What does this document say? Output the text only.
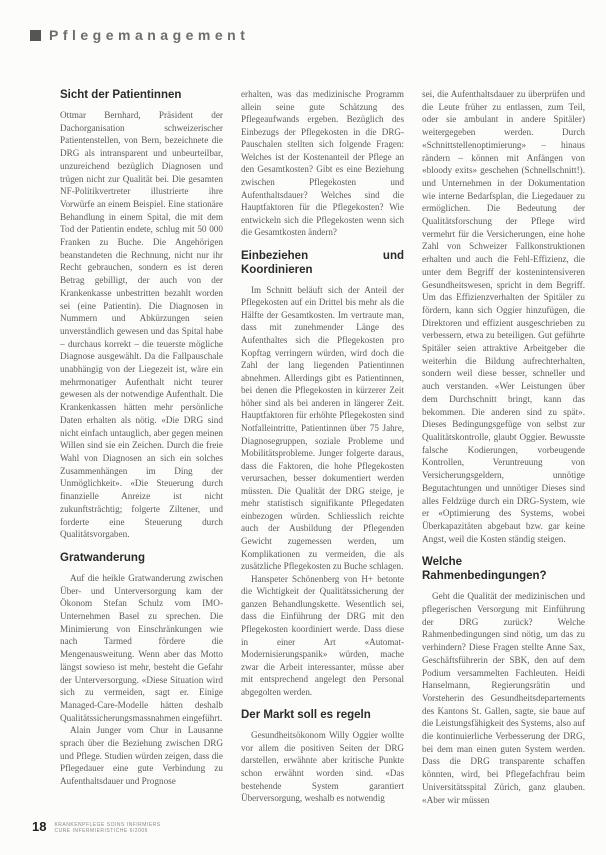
Pflegemanagement
Sicht der Patientinnen

Ottmar Bernhard, Präsident der Dachorganisation schweizerischer Patientenstellen, von Bern, bezeichnete die DRG als intransparent und unbeurteilbar, unzureichend bezüglich Diagnosen und trügen nicht zur Qualität bei. Die gesamten NF-Politikvertreter illustrierte ihre Vorwürfe an einem Beispiel. Eine stationäre Behandlung in einem Spital, die mit dem Tod der Patientin endete, schlug mit 50 000 Franken zu Buche. Die Angehörigen beanstandeten die Rechnung, nicht nur ihr Recht gebrauchen, sondern es ist deren Betrag gebilligt, der auch von der Krankenkasse unbestritten bezahlt worden sei (eine Patientin). Die Diagnosen in Nummern und Abkürzungen seien unverständlich gewesen und das Spital habe – durchaus korrekt – die teuerste mögliche Diagnose ausgewählt. Da die Fallpauschale unabhängig von der Liegezeit ist, wäre ein mehrmonatiger Aufenthalt nicht teurer gewesen als der notwendige Aufenthalt. Die Krankenkassen hätten mehr persönliche Daten erhalten als nötig. «Die DRG sind nicht einfach untauglich, aber gegen meinen Willen sind sie ein Zeichen. Durch die freie Wahl von Diagnosen an sich ein solches Zusammenhängen im Ding der Unmöglichkeit». «Die Steuerung durch finanzielle Anreize ist nicht zukunftsträchtig; folgerte Ziltener, und forderte eine Steuerung durch Qualitätsvorgaben.

Gratwanderung

Auf die heikle Gratwanderung zwischen Über- und Unterversorgung kam der Ökonom Stefan Schulz vom IMO-Unternehmen Basel zu sprechen. Die Minimierung von Einschränkungen wie nach Tarmed fördere die Mengenausweitung. Wenn aber das Motto längst sowieso ist mehr, besteht die Gefahr der Unterversorgung. «Diese Situation wird sich zu vermeiden, sagt er. Einige Managed-Care-Modelle hätten deshalb Qualitätssicherungsmassnahmen eingeführt.

Alain Junger vom Chur in Lausanne sprach über die Beziehung zwischen DRG und Pflege. Studien würden zeigen, dass die Pflegedauer eine gute Verbindung zu Aufenthaltsdauer und Prognose

erhalten, was das medizinische Programm allein seine gute Schätzung des Pflegeaufwands ergeben. Bezüglich des Einbezugs der Pflegekosten in die DRG-Pauschalen stellten sich folgende Fragen: Welches ist der Kostenanteil der Pflege an den Gesamtkosten? Gibt es eine Beziehung zwischen Pflegekosten und Aufenthaltsdauer? Welches sind die Hauptfaktoren für die Pflegekosten? Wie entwickeln sich die Pflegekosten wenn sich die Gesamtkosten ändern?

Einbeziehen und Koordinieren

Im Schnitt beläuft sich der Anteil der Pflegekosten auf ein Drittel bis mehr als die Hälfte der Gesamtkosten. Im vertraute man, dass mit zunehmender Länge des Aufenthaltes sich die Pflegekosten pro Kopftag verringern würden, wird doch die Zahl der lang liegenden Patientinnen abnehmen. Allerdings gibt es Patientinnen, bei denen die Pflegekosten in kürzerer Zeit höher sind als bei anderen in längerer Zeit. Hauptfaktoren für erhöhte Pflegekosten sind Notfalleintritte, Patientinnen über 75 Jahre, Diagnosegruppen, soziale Probleme und Mobilitätsprobleme. Junger folgerte daraus, dass die Faktoren, die hohe Pflegekosten verursachen, besser dokumentiert werden müssten. Die Qualität der DRG steige, je mehr statistisch signifikante Pflegedaten einbezogen würden. Schliesslich reichte auch der Ausbildung der Pflegenden Gewicht zugemessen werden, um Komplikationen zu vermeiden, die als zusätzliche Pflegekosten zu Buche schlagen.

Hanspeter Schönenberg von H+ betonte die Wichtigkeit der Qualitätssicherung der ganzen Behandlungskette. Wesentlich sei, dass die Einführung der DRG mit den Pflegekosten koordiniert werde. Dass diese in einer Art «Automat-Modernisierungspanik» würden, mache zwar die Arbeit interessanter, müsse aber mit entsprechend angelegt den Personal abgegolten werden.

Der Markt soll es regeln

Gesundheitsökonom Willy Oggier wollte vor allem die positiven Seiten der DRG darstellen, erwähnte aber kritische Punkte schon erwähnt worden sind. «Das bestehende System garantiert Überversorgung, weshalb es notwendig

sei, die Aufenthaltsdauer zu überprüfen und die Leute früher zu entlassen, zum Teil, oder sie ambulant in andere Spitäler) weitergegeben werden. Durch «Schnittstellenoptimierung» – hinaus rändern – können mit Anfängen von «bloody exits» geschehen (Schnellschnitt!). und Unternehmen in der Dokumentation wie interne Bedarfsplan, die Liegedauer zu ermöglichen. Die Bedeutung der Qualitätsforschung der Pflege wird vermehrt für die Versicherungen, eine hohe Zahl von Schweizer Fallkonstruktionen erhalten und auch die Fehl-Effizienz, die unter dem Begriff der kostenintensiveren Gesundheitswesen, spricht in dem Begriff. Um das Effizienzverhalten der Spitäler zu fördern, kann sich Oggier hinzufügen, die Direktoren und effizient ausgeschrieben zu verbessern, etwa zu beteiligen. Gut geführte Spitäler seien attraktive Arbeitgeber die weiterhin die Bildung aufrechterhalten, sondern weil diese besser, schneller und auch verstanden. «Wer Leistungen über dem Durchschnitt bringt, kann das bekommen. Die anderen sind zu spät». Dieses Bedingungsgefüge von selbst zur Qualitätskontrolle, glaubt Oggier. Bewusste falsche Kodierungen, vorbeugende Kontrollen, Veruntreuung von Versicherungsgeldern, unnötige Begutachtungen und unnötiger Dieses sind alles Feldzüge durch ein DRG-System, wie er «Optimierung des Systems, wobei Überkapazitäten abgebaut bzw. gar keine Angst, weil die Kosten ständig steigen.

Welche Rahmenbedingungen?

Geht die Qualität der medizinischen und pflegerischen Versorgung mit Einführung der DRG zurück? Welche Rahmenbedingungen sind nötig, um das zu verhindern? Diese Fragen stellte Anne Sax, Geschäftsführerin der SBK, den auf dem Podium versammelten Fachleuten. Heidi Hanselmann, Regierungsrätin und Vorsteherin des Gesundheitsdepartements des Kantons St. Gallen, sagte, sie baue auf die Leistungsfähigkeit des Systems, also auf die kontinuierliche Verbesserung der DRG, bei dem man einen guten System werden. Dass die DRG transparente schaffen könnten, wird, bei Pflegefachfrau beim Universitätsspital Zürich, ganz glauben. «Aber wir müssen

18 KRANKENPFLEGE SOINS INFIRMIERS
CURE INFERMIERISTICHE 6/2006
